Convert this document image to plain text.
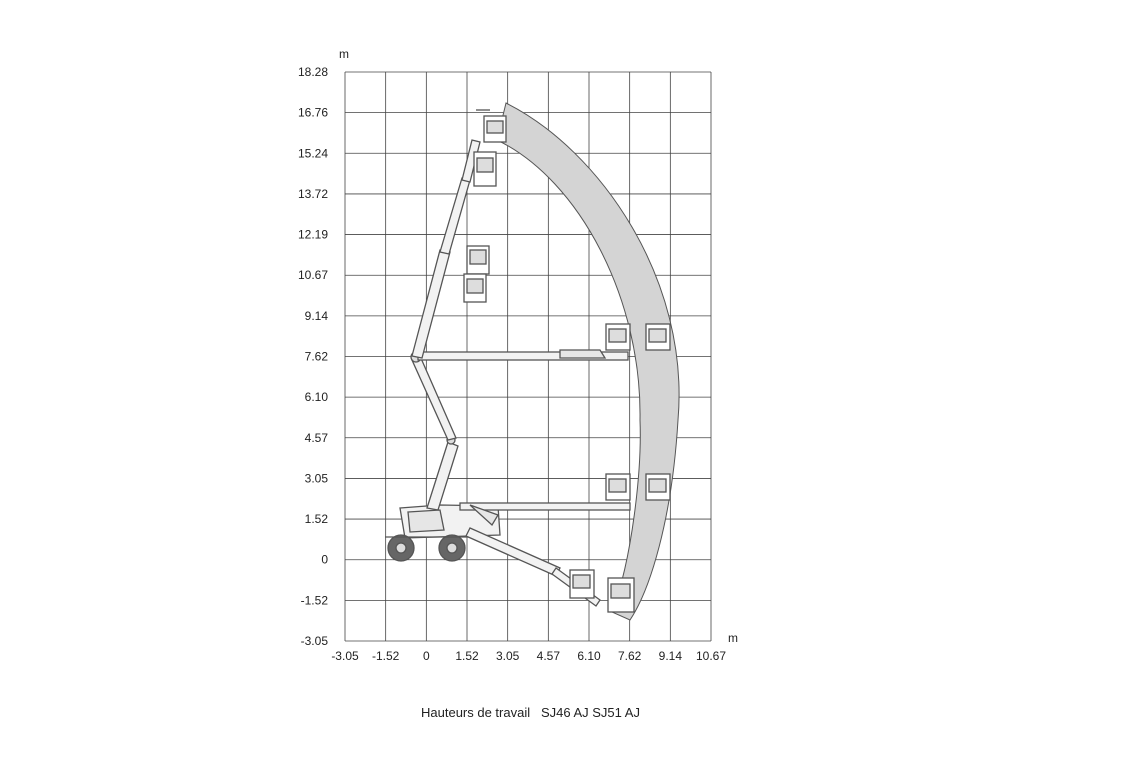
18.28
16.76
15.24
13.72
12.19
10.67
9.14
7.62
6.10
4.57
3.05
1.52
0
-1.52
-3.05
-3.05 -1.52 0 1.52 3.05 4.57 6.10 7.62 9.14 10.67
m
m
Hauteurs de travail   SJ46 AJ SJ51 AJ
